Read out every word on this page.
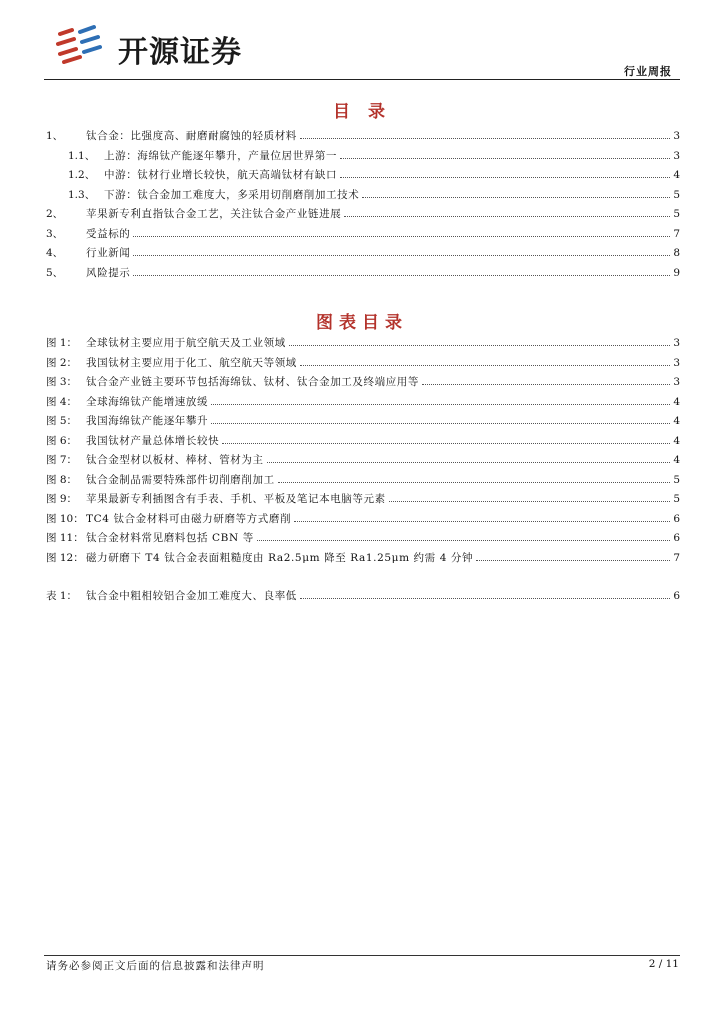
开源证券
行业周报
目 录
1、	钛合金：比强度高、耐磨耐腐蚀的轻质材料	3
1.1、 上游：海绵钛产能逐年攀升，产量位居世界第一	3
1.2、 中游：钛材行业增长较快，航天高端钛材有缺口	4
1.3、 下游：钛合金加工难度大，多采用切削磨削加工技术	5
2、	苹果新专利直指钛合金工艺，关注钛合金产业链进展	5
3、	受益标的	7
4、	行业新闻	8
5、	风险提示	9
图表目录
图 1： 全球钛材主要应用于航空航天及工业领域	3
图 2： 我国钛材主要应用于化工、航空航天等领域	3
图 3： 钛合金产业链主要环节包括海绵钛、钛材、钛合金加工及终端应用等	3
图 4： 全球海绵钛产能增速放缓	4
图 5： 我国海绵钛产能逐年攀升	4
图 6： 我国钛材产量总体增长较快	4
图 7： 钛合金型材以板材、棒材、管材为主	4
图 8： 钛合金制品需要特殊部件切削磨削加工	5
图 9： 苹果最新专利插图含有手表、手机、平板及笔记本电脑等元素	5
图 10： TC4 钛合金材料可由磁力研磨等方式磨削	6
图 11： 钛合金材料常见磨料包括 CBN 等	6
图 12： 磁力研磨下 T4 钛合金表面粗糙度由 Ra2.5μm 降至 Ra1.25μm 约需 4 分钟	7
表 1： 钛合金中粗相较铝合金加工难度大、良率低	6
请务必参阅正文后面的信息披露和法律声明	2 / 11
